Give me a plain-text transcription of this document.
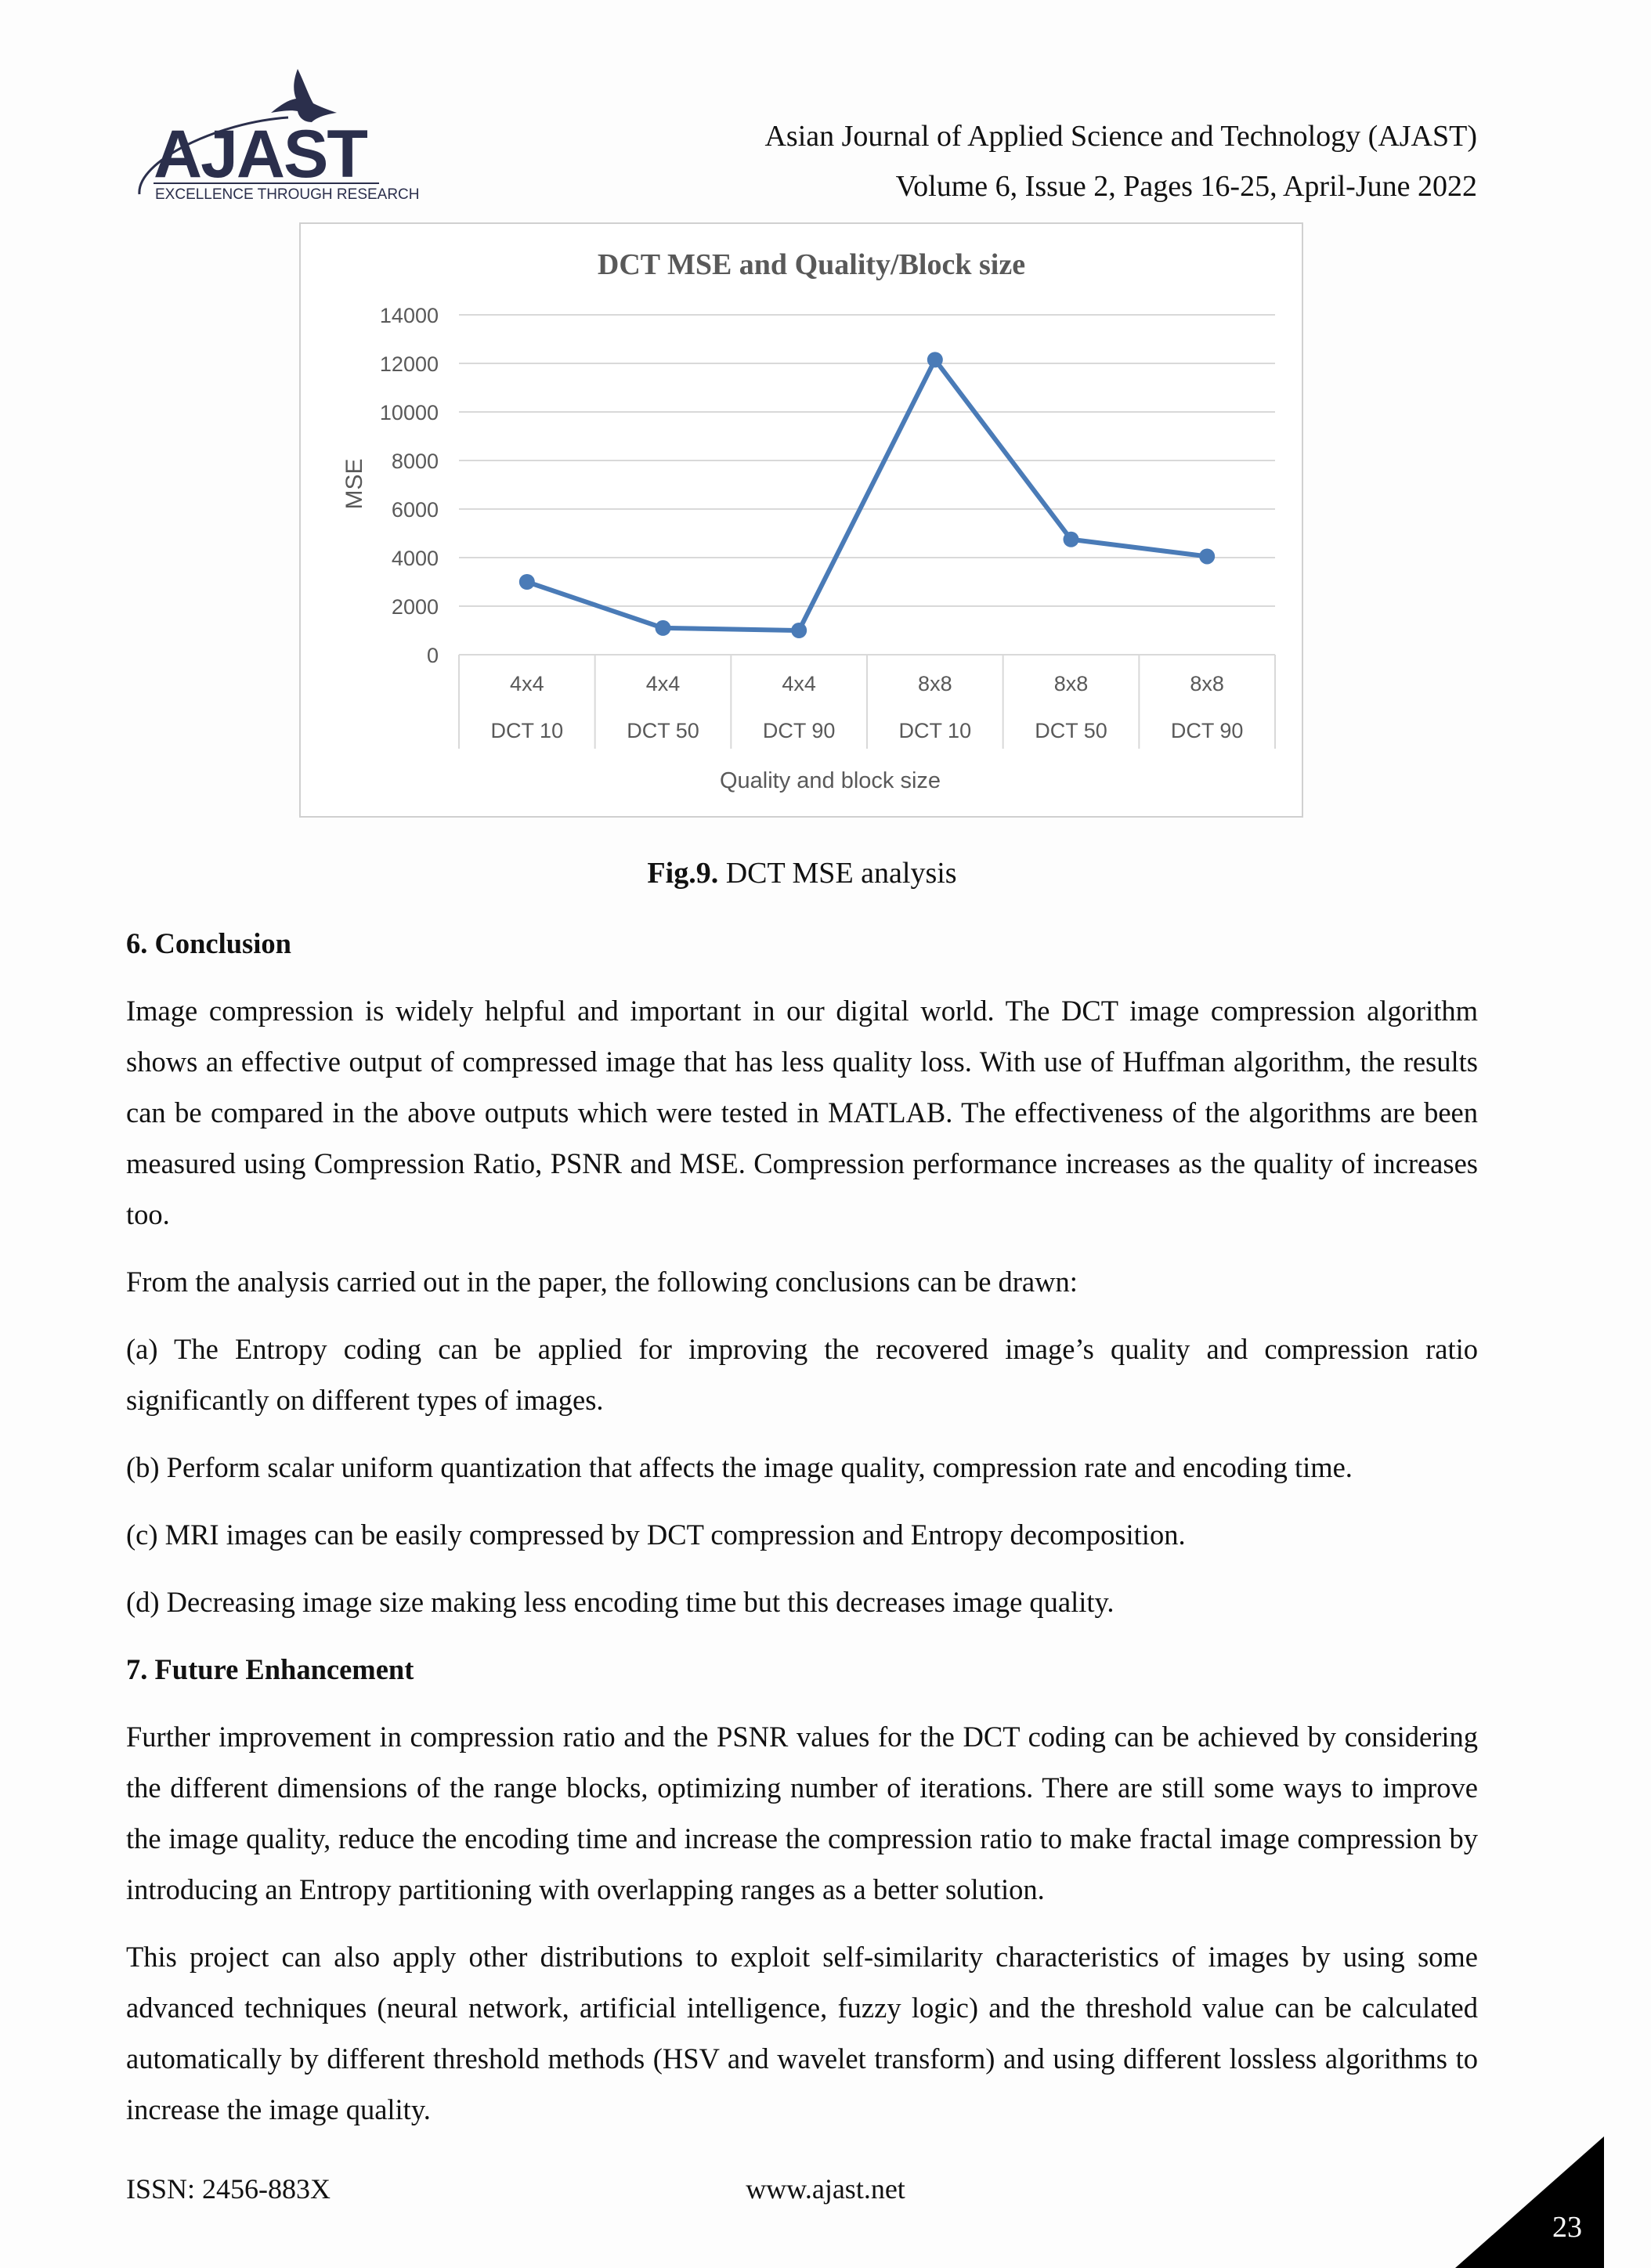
AJAST
EXCELLENCE THROUGH RESEARCH
Asian Journal of Applied Science and Technology (AJAST)
Volume 6, Issue 2, Pages 16-25, April-June 2022
DCT MSE and Quality/Block size
0
2000
4000
6000
8000
10000
12000
14000
4x4
DCT 10
4x4
DCT 50
4x4
DCT 90
8x8
DCT 10
8x8
DCT 50
8x8
DCT 90
MSE
Quality and block size
Fig.9. DCT MSE analysis
6. Conclusion

Image compression is widely helpful and important in our digital world. The DCT image compression algorithm shows an effective output of compressed image that has less quality loss. With use of Huffman algorithm, the results can be compared in the above outputs which were tested in MATLAB. The effectiveness of the algorithms are been measured using Compression Ratio, PSNR and MSE. Compression performance increases as the quality of increases too.

From the analysis carried out in the paper, the following conclusions can be drawn:

(a) The Entropy coding can be applied for improving the recovered image’s quality and compression ratio significantly on different types of images.

(b) Perform scalar uniform quantization that affects the image quality, compression rate and encoding time.

(c) MRI images can be easily compressed by DCT compression and Entropy decomposition.

(d) Decreasing image size making less encoding time but this decreases image quality.

7. Future Enhancement

Further improvement in compression ratio and the PSNR values for the DCT coding can be achieved by considering the different dimensions of the range blocks, optimizing number of iterations. There are still some ways to improve the image quality, reduce the encoding time and increase the compression ratio to make fractal image compression by introducing an Entropy partitioning with overlapping ranges as a better solution.

This project can also apply other distributions to exploit self-similarity characteristics of images by using some advanced techniques (neural network, artificial intelligence, fuzzy logic) and the threshold value can be calculated automatically by different threshold methods (HSV and wavelet transform) and using different lossless algorithms to increase the image quality.

ISSN: 2456-883X	www.ajast.net
23
